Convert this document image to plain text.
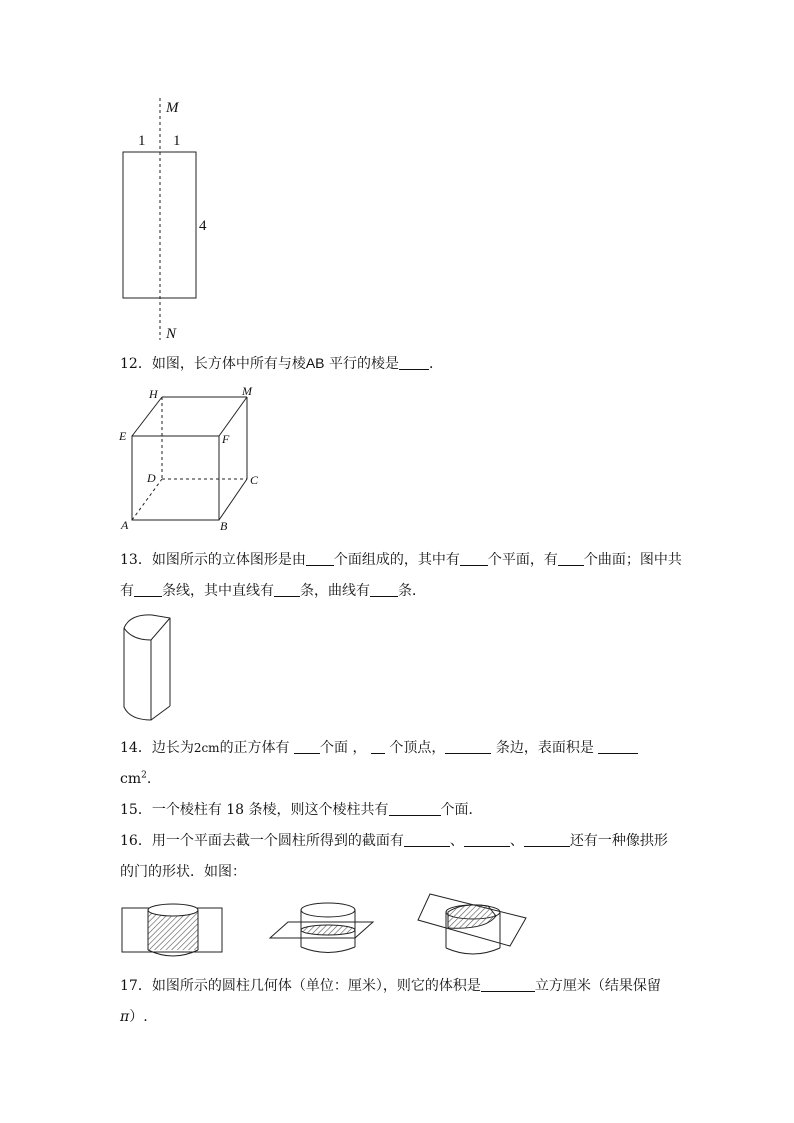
M
N
1 1
4
12．如图，长方体中所有与棱AB 平行的棱是 ．
H	M
E	F
D	C
A	B
13．如图所示的立体图形是由 个面组成的，其中有 个平面，有 个曲面；图中共
有 条线，其中直线有 条，曲线有 条．
14．边长为2cm的正方体有 个面 ，  个顶点，	条边，表面积是
$cm^2$.
15．一个棱柱有 18 条棱，则这个棱柱共有	个面．
16．用一个平面去截一个圆柱所得到的截面有	、	、	还有一种像拱形
的门的形状．如图：
17．如图所示的圆柱几何体（单位：厘米），则它的体积是	立方厘米（结果保留
π）.
